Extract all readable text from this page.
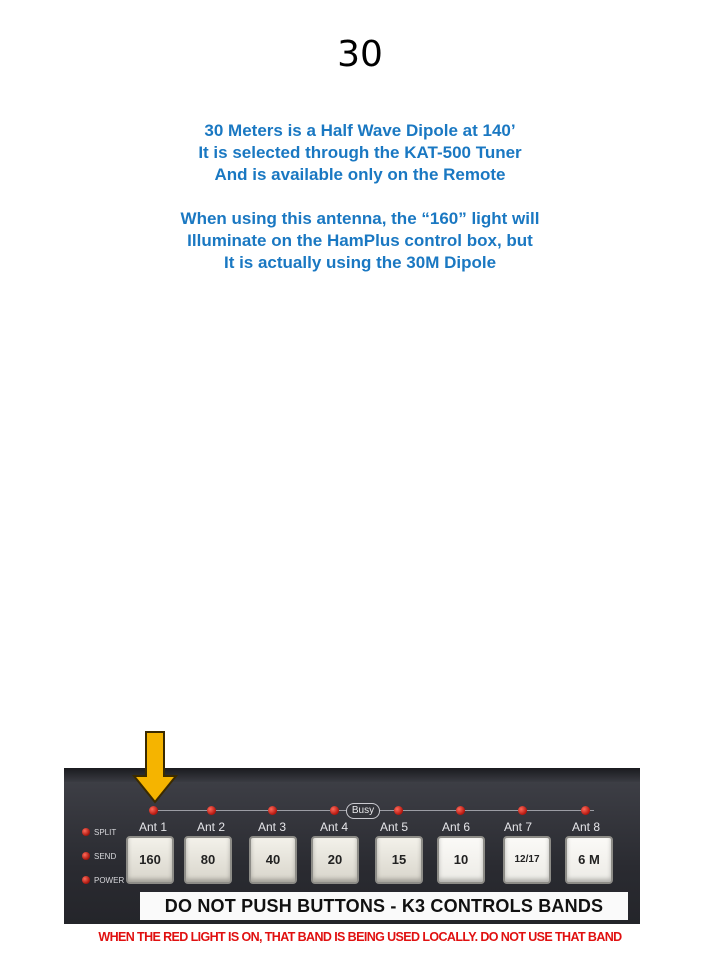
30
30 Meters is a Half Wave Dipole at 140’
It is selected through the KAT-500 Tuner
And is available only on the Remote
When using this antenna, the “160” light will
Illuminate on the HamPlus control box, but
It is actually using the 30M Dipole
SPLIT
SEND
POWER
Busy
Ant 1	Ant 2	Ant 3	Ant 4	Ant 5	Ant 6	Ant 7	Ant 8
160	80	40	20	15	10	12/17	6 M
DO NOT PUSH BUTTONS - K3 CONTROLS BANDS
WHEN THE RED LIGHT IS ON, THAT BAND IS BEING USED LOCALLY. DO NOT USE THAT BAND
